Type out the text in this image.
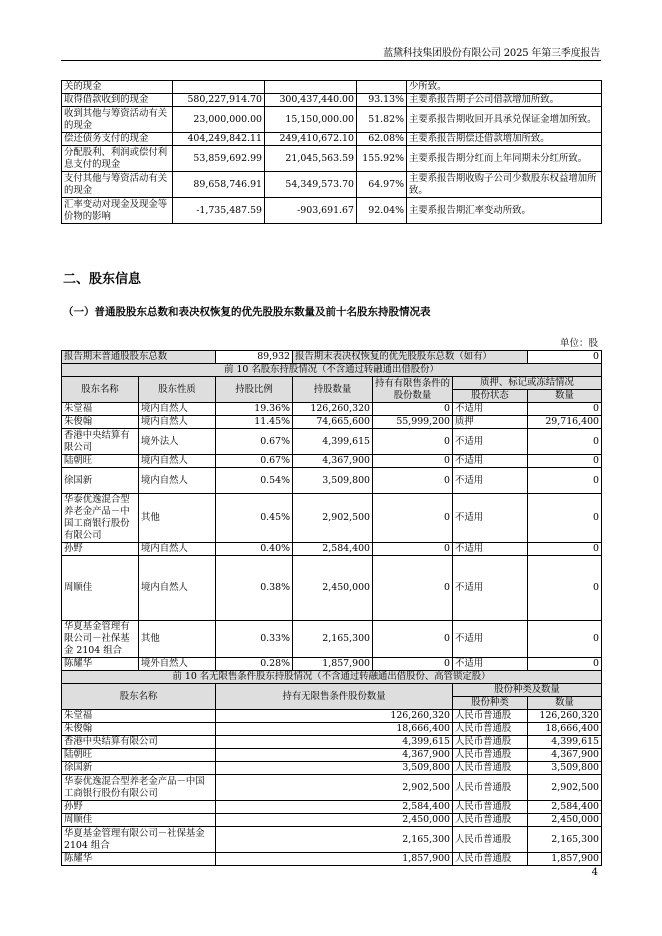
蓝黛科技集团股份有限公司 2025 年第三季度报告
关的现金				少所致。
取得借款收到的现金	580,227,914.70	300,437,440.00	93.13%	主要系报告期子公司借款增加所致。
收到其他与筹资活动有关的现金	23,000,000.00	15,150,000.00	51.82%	主要系报告期收回开具承兑保证金增加所致。
偿还债务支付的现金	404,249,842.11	249,410,672.10	62.08%	主要系报告期偿还借款增加所致。
分配股利、利润或偿付利息支付的现金	53,859,692.99	21,045,563.59	155.92%	主要系报告期分红而上年同期未分红所致。
支付其他与筹资活动有关的现金	89,658,746.91	54,349,573.70	64.97%	主要系报告期收购子公司少数股东权益增加所致。
汇率变动对现金及现金等价物的影响	-1,735,487.59	-903,691.67	92.04%	主要系报告期汇率变动所致。
二、股东信息
（一）普通股股东总数和表决权恢复的优先股股东数量及前十名股东持股情况表
单位：股
报告期末普通股股东总数		89,932	报告期末表决权恢复的优先股股东总数（如有）			0
前 10 名股东持股情况（不含通过转融通出借股份）						
股东名称	股东性质	持股比例	持股数量	持有有限售条件的股份数量	质押、标记或冻结情况	
					股份状态	数量
朱堂福	境内自然人	19.36%	126,260,320	0	不适用	0
朱俊翰	境内自然人	11.45%	74,665,600	55,999,200	质押	29,716,400
香港中央结算有限公司	境外法人	0.67%	4,399,615	0	不适用	0
陆朝旺	境内自然人	0.67%	4,367,900	0	不适用	0
徐国新	境内自然人	0.54%	3,509,800	0	不适用	0
华泰优逸混合型养老金产品－中国工商银行股份有限公司	其他	0.45%	2,902,500	0	不适用	0
孙野	境内自然人	0.40%	2,584,400	0	不适用	0
周顺佳	境内自然人	0.38%	2,450,000	0	不适用	0
华夏基金管理有限公司－社保基金 2104 组合	其他	0.33%	2,165,300	0	不适用	0
陈耀华	境外自然人	0.28%	1,857,900	0	不适用	0
前 10 名无限售条件股东持股情况（不含通过转融通出借股份、高管锁定股）						
股东名称		持有无限售条件股份数量			股份种类及数量	
					股份种类	数量
朱堂福		126,260,320			人民币普通股	126,260,320
朱俊翰		18,666,400			人民币普通股	18,666,400
香港中央结算有限公司		4,399,615			人民币普通股	4,399,615
陆朝旺		4,367,900			人民币普通股	4,367,900
徐国新		3,509,800			人民币普通股	3,509,800
华泰优逸混合型养老金产品－中国工商银行股份有限公司		2,902,500			人民币普通股	2,902,500
孙野		2,584,400			人民币普通股	2,584,400
周顺佳		2,450,000			人民币普通股	2,450,000
华夏基金管理有限公司－社保基金 2104 组合		2,165,300			人民币普通股	2,165,300
陈耀华		1,857,900			人民币普通股	1,857,900
4
